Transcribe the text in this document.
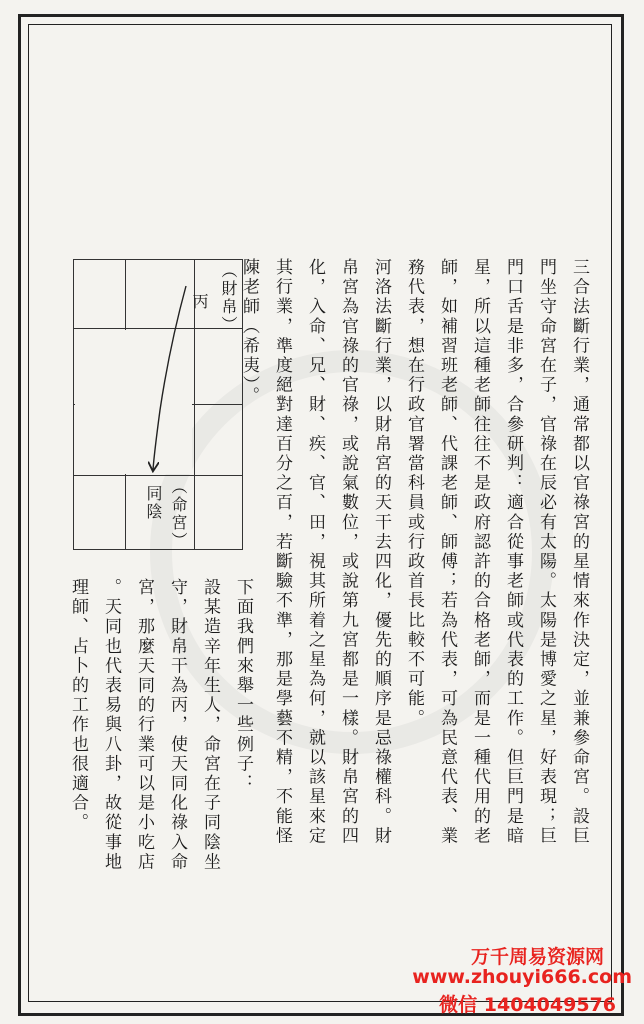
三合法斷行業，通常都以官祿宮的星情來作決定，並兼參命宮。設巨
門坐守命宮在子，官祿在辰必有太陽。太陽是博愛之星，好表現；巨
門口舌是非多，合參研判：適合從事老師或代表的工作。但巨門是暗
星，所以這種老師往往不是政府認許的合格老師，而是一種代用的老
師，如補習班老師、代課老師、師傅；若為代表，可為民意代表、業
務代表，想在行政官署當科員或行政首長比較不可能。
河洛法斷行業，以財帛宮的天干去四化，優先的順序是忌祿權科。財
帛宮為官祿的官祿，或說氣數位，或說第九宮都是一樣。財帛宮的四
化，入命、兄、財、疾、官、田，視其所着之星為何，就以該星來定
其行業，準度絕對達百分之百，若斷驗不準，那是學藝不精，不能怪
陳老師（希夷）。
下面我們來舉一些例子：
設某造辛年生人，命宮在子同陰坐
守，財帛干為丙，使天同化祿入命
宮，那麼天同的行業可以是小吃店
。天同也代表易與八卦，故從事地
理師、占卜的工作也很適合。
（財帛）
丙
（命宮）
同陰
万千周易资源网
www.zhouyi666.com
微信 1404049576
